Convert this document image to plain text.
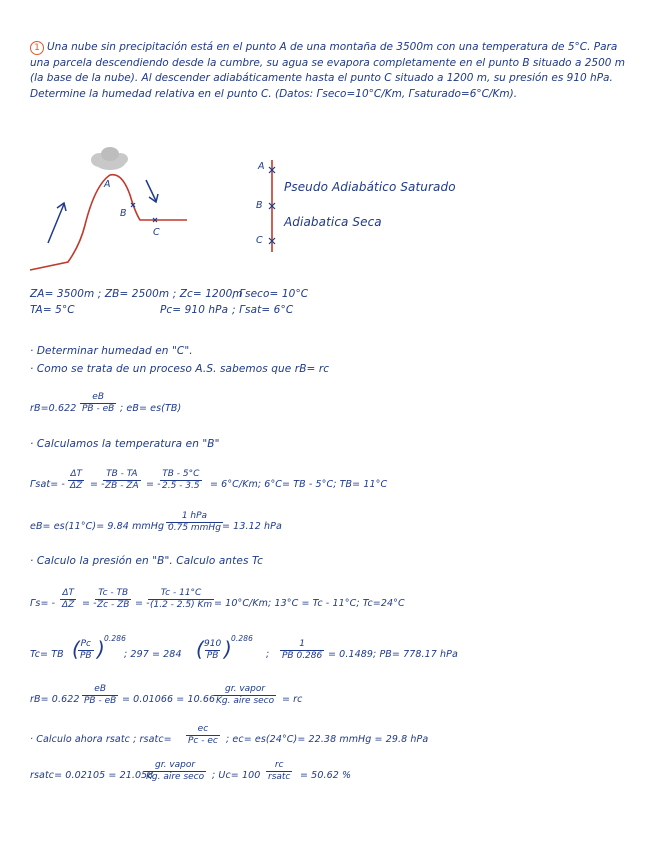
1 Una nube sin precipitación está en el punto A de una montaña de 3500m con una temperatura de 5°C. Para una parcela descendiendo desde la cumbre, su agua se evapora completamente en el punto B situado a 2500 m (la base de la nube). Al descender adiabáticamente hasta el punto C situado a 1200 m, su presión es 910 hPa. Determine la humedad relativa en el punto C. (Datos: Γseco=10°C/Km, Γsaturado=6°C/Km).
A
B
C
A
B
C
Pseudo Adiabático Saturado
Adiabatica Seca
ZA= 3500m ; ZB= 2500m ; Zc= 1200m
; Γseco= 10°C
TA= 5°C	Pc= 910 hPa ; Γsat= 6°C
· Determinar humedad en "C".
· Como se trata de un proceso A.S. sabemos que rB= rc
$rB=0.622 \frac{eB}{PB - eB}$ ; eB= es(TB)
· Calculamos la temperatura en "B"
$\Gamma sat= - \frac{\Delta T}{\Delta Z}$ = -
$\frac{TB - TA}{ZB - ZA}$ = - $\frac{TB - 5^\circ C}{2.5 - 3.5} = 6^\circ C/Km$; 6°C= TB - 5°C; TB= 11°C
eB= es(11°C)= 9.84 mmHg ·
1 hPa
0.75 mmHg = 13.12 hPa
· Calculo la presión en "B". Calculo antes Tc
$\Gamma s= - \frac{\Delta T}{\Delta Z}$ = -
$\frac{Tc - TB}{Zc - ZB}$ = -
$\frac{Tc - 11^\circ C}{(1.2 - 2.5) Km} = 10^\circ C/Km$; 13°C = Tc - 11°C; Tc=24°C
Tc= TB (
$\frac{Pc}{PB}$ ) 0.286
; 297 = 284 (
$\frac{910}{PB}$ ) 0.286
; $\frac{1}{PB 0.286} = 0.1489$; PB= 778.17 hPa
$rB= 0.622 \frac{eB}{PB - eB} = 0.01066 = 10.66$
gr. vapor
Kg. aire seco = rc
· Calculo ahora rsatc ; rsatc= $\frac{ec}{Pc - ec}$ ; ec= es(24°C)= 22.38 mmHg = 29.8 hPa
rsatc= 0.02105 = 21.058
gr. vapor
Kg. aire seco ; Uc= 100
rc
rsatc = 50.62 %
